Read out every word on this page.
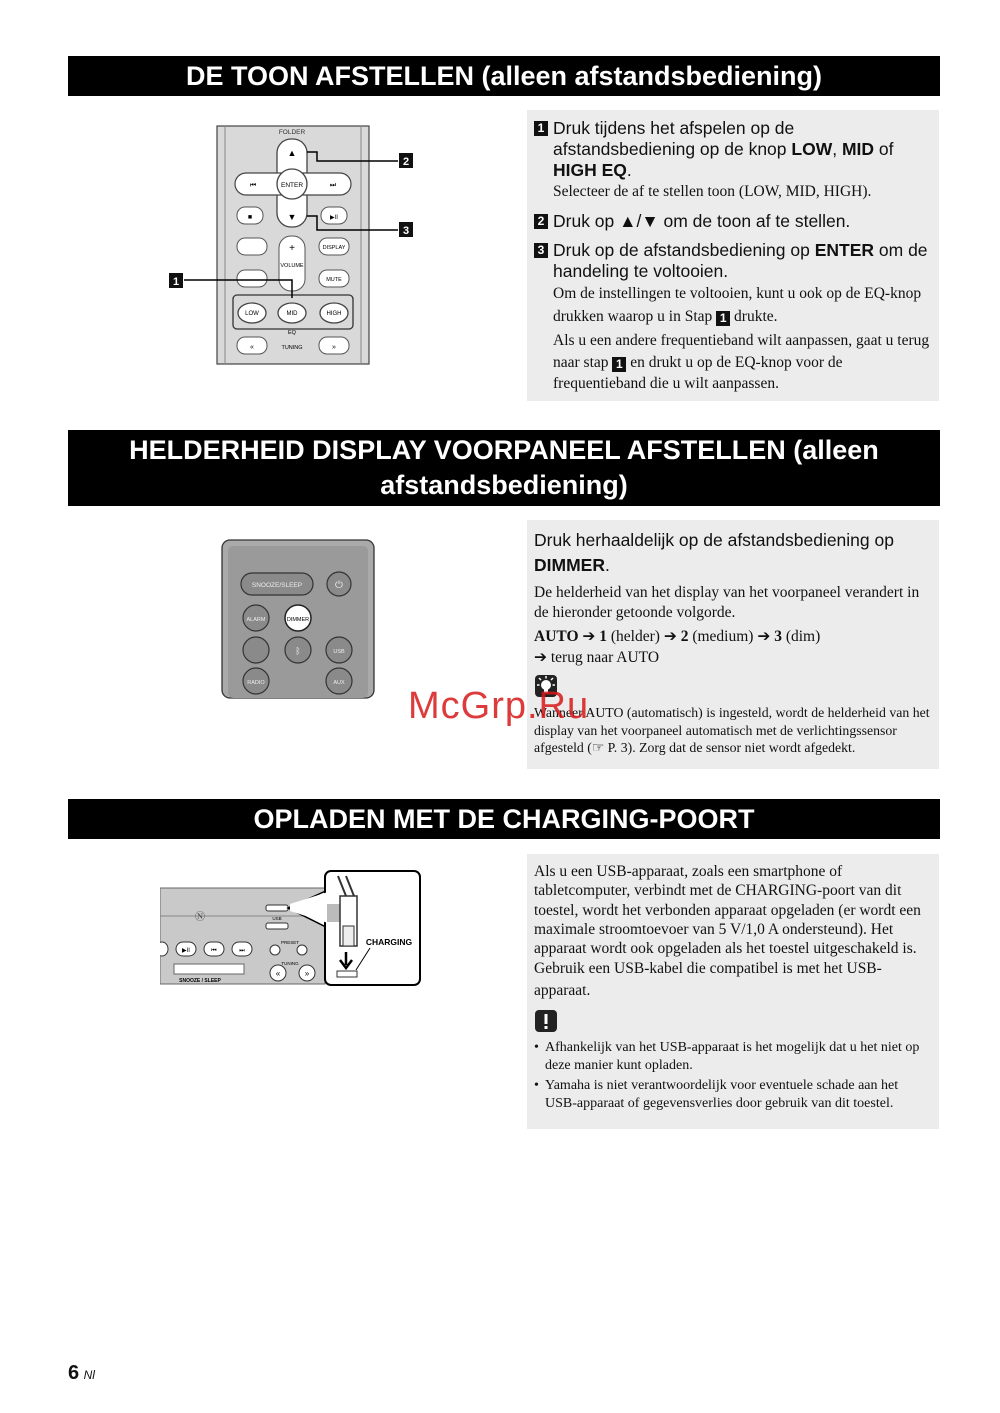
DE TOON AFSTELLEN (alleen afstandsbediening)
FOLDER
ENTER
▲
▼
⏮	⏭
■	▶II
+
VOLUME
DISPLAY
MUTE
LOW	MID	HIGH
EQ
«	»
TUNING
2
3
1
1 Druk tijdens het afspelen op de afstandsbediening op de knop LOW, MID of HIGH EQ.
Selecteer de af te stellen toon (LOW, MID, HIGH).
2 Druk op ▲/▼ om de toon af te stellen.
3 Druk op de afstandsbediening op ENTER om de handeling te voltooien.
Om de instellingen te voltooien, kunt u ook op de EQ-knop drukken waarop u in Stap 1 drukte.
Als u een andere frequentieband wilt aanpassen, gaat u terug naar stap 1 en drukt u op de EQ-knop voor de frequentieband die u wilt aanpassen.
HELDERHEID DISPLAY VOORPANEEL AFSTELLEN (alleen
afstandsbediening)
SNOOZE/SLEEP	⏻
ALARM	DIMMER
ᛒ	USB
RADIO	AUX
Druk herhaaldelijk op de afstandsbediening op DIMMER.
De helderheid van het display van het voorpaneel verandert in de hieronder getoonde volgorde.
AUTO ➔ 1 (helder) ➔ 2 (medium) ➔ 3 (dim)
➔ terug naar AUTO
Wanneer AUTO (automatisch) is ingesteld, wordt de helderheid van het display van het voorpaneel automatisch met de verlichtingssensor afgesteld (☞ P. 3). Zorg dat de sensor niet wordt afgedekt.
McGrp.Ru
OPLADEN MET DE CHARGING-POORT
Ⓝ	USB
PRESET
TUNING
▶II	⏮	⏭
«	»
SNOOZE / SLEEP
CHARGING
Als u een USB-apparaat, zoals een smartphone of tabletcomputer, verbindt met de CHARGING-poort van dit toestel, wordt het verbonden apparaat opgeladen (er wordt een maximale stroomtoevoer van 5 V/1,0 A ondersteund). Het apparaat wordt ook opgeladen als het toestel uitgeschakeld is.
Gebruik een USB-kabel die compatibel is met het USB-apparaat.
• Afhankelijk van het USB-apparaat is het mogelijk dat u het niet op deze manier kunt opladen.
• Yamaha is niet verantwoordelijk voor eventuele schade aan het USB-apparaat of gegevensverlies door gebruik van dit toestel.
6 Nl
